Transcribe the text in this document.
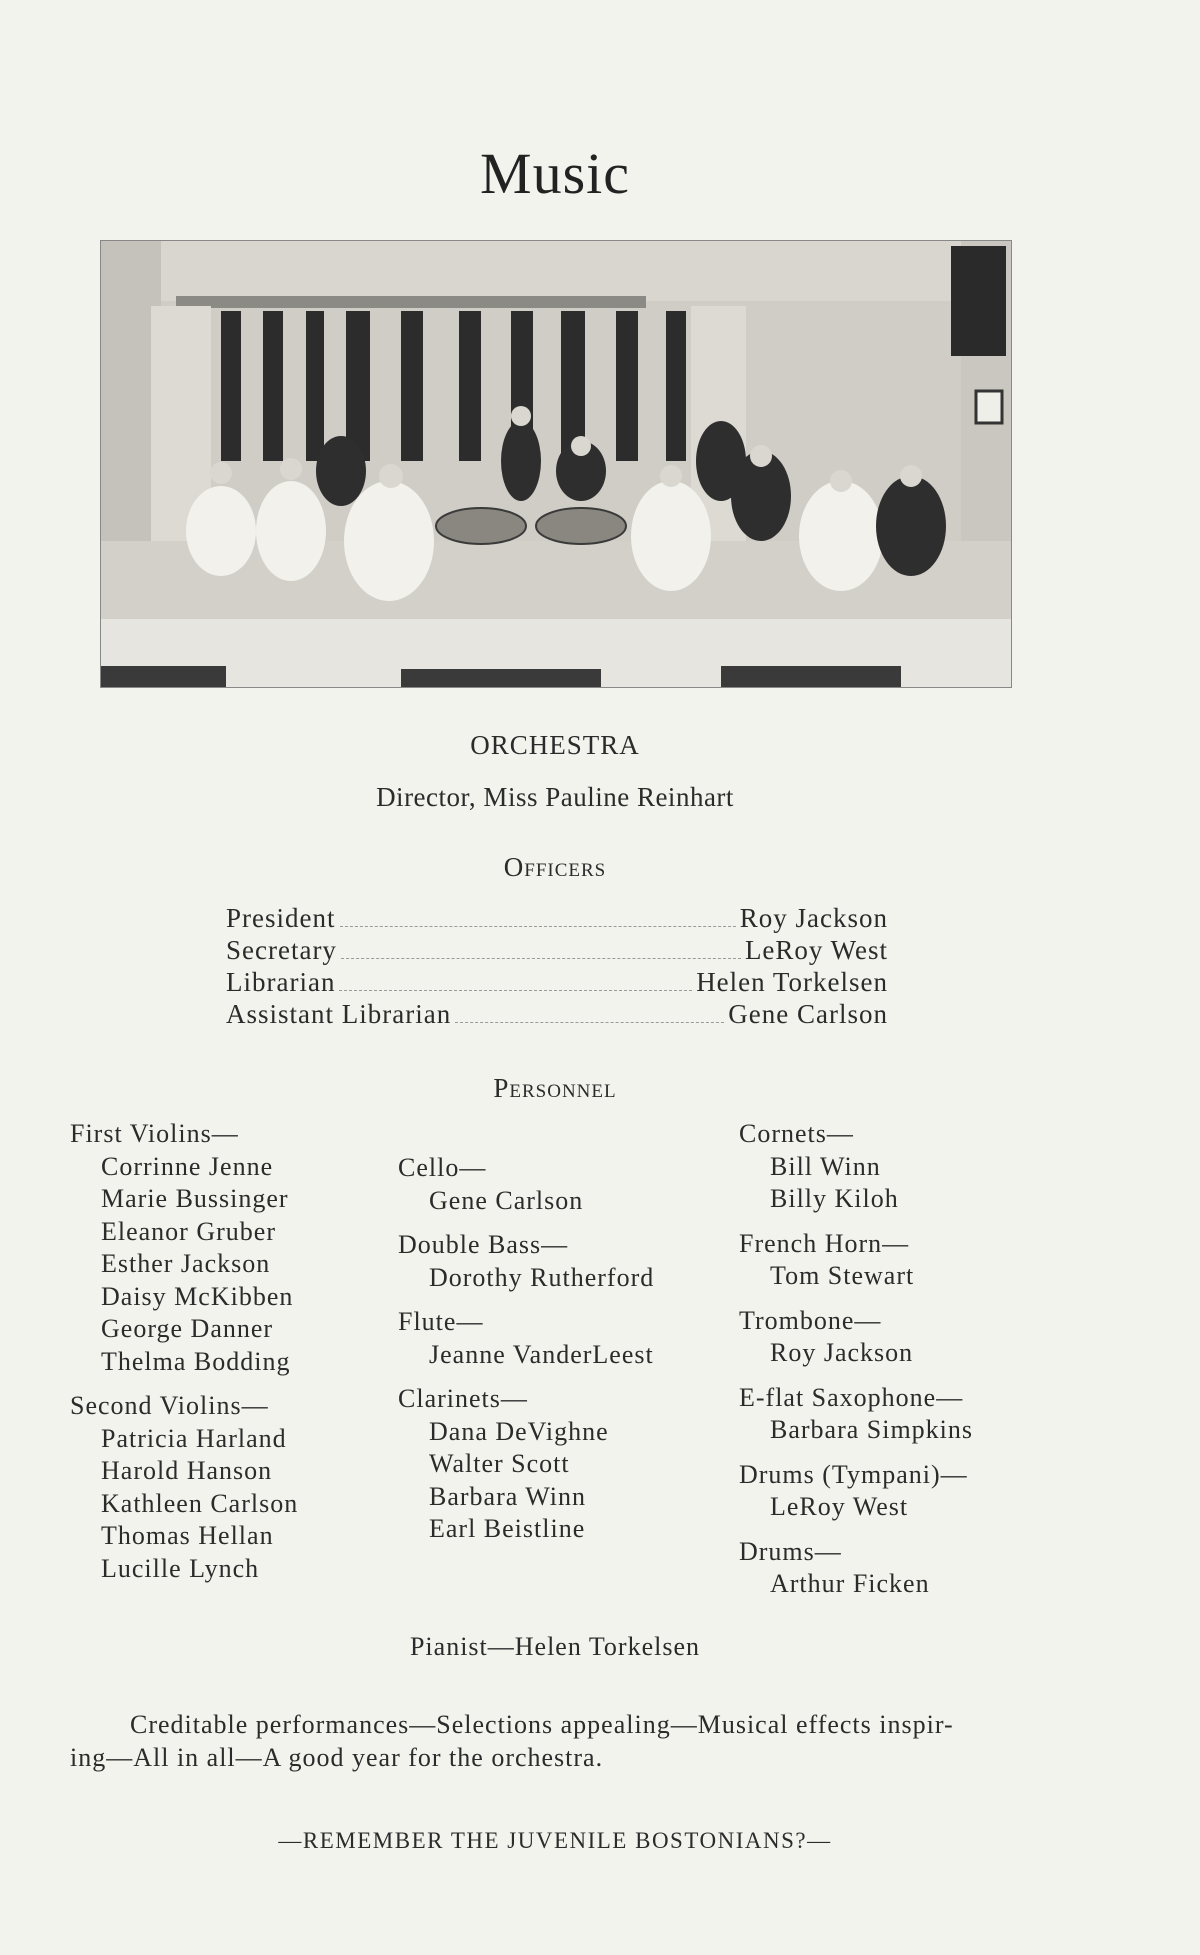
Music
ORCHESTRA
Director, Miss Pauline Reinhart
Officers
President	Roy Jackson
Secretary	LeRoy West
Librarian	Helen Torkelsen
Assistant Librarian	Gene Carlson
Personnel
First Violins—
Corrinne Jenne
Marie Bussinger
Eleanor Gruber
Esther Jackson
Daisy McKibben
George Danner
Thelma Bodding
Second Violins—
Patricia Harland
Harold Hanson
Kathleen Carlson
Thomas Hellan
Lucille Lynch
Cello—
Gene Carlson
Double Bass—
Dorothy Rutherford
Flute—
Jeanne VanderLeest
Clarinets—
Dana DeVighne
Walter Scott
Barbara Winn
Earl Beistline
Cornets—
Bill Winn
Billy Kiloh
French Horn—
Tom Stewart
Trombone—
Roy Jackson
E-flat Saxophone—
Barbara Simpkins
Drums (Tympani)—
LeRoy West
Drums—
Arthur Ficken
Pianist—Helen Torkelsen
Creditable performances—Selections appealing—Musical effects inspir-
ing—All in all—A good year for the orchestra.
—REMEMBER THE JUVENILE BOSTONIANS?—
